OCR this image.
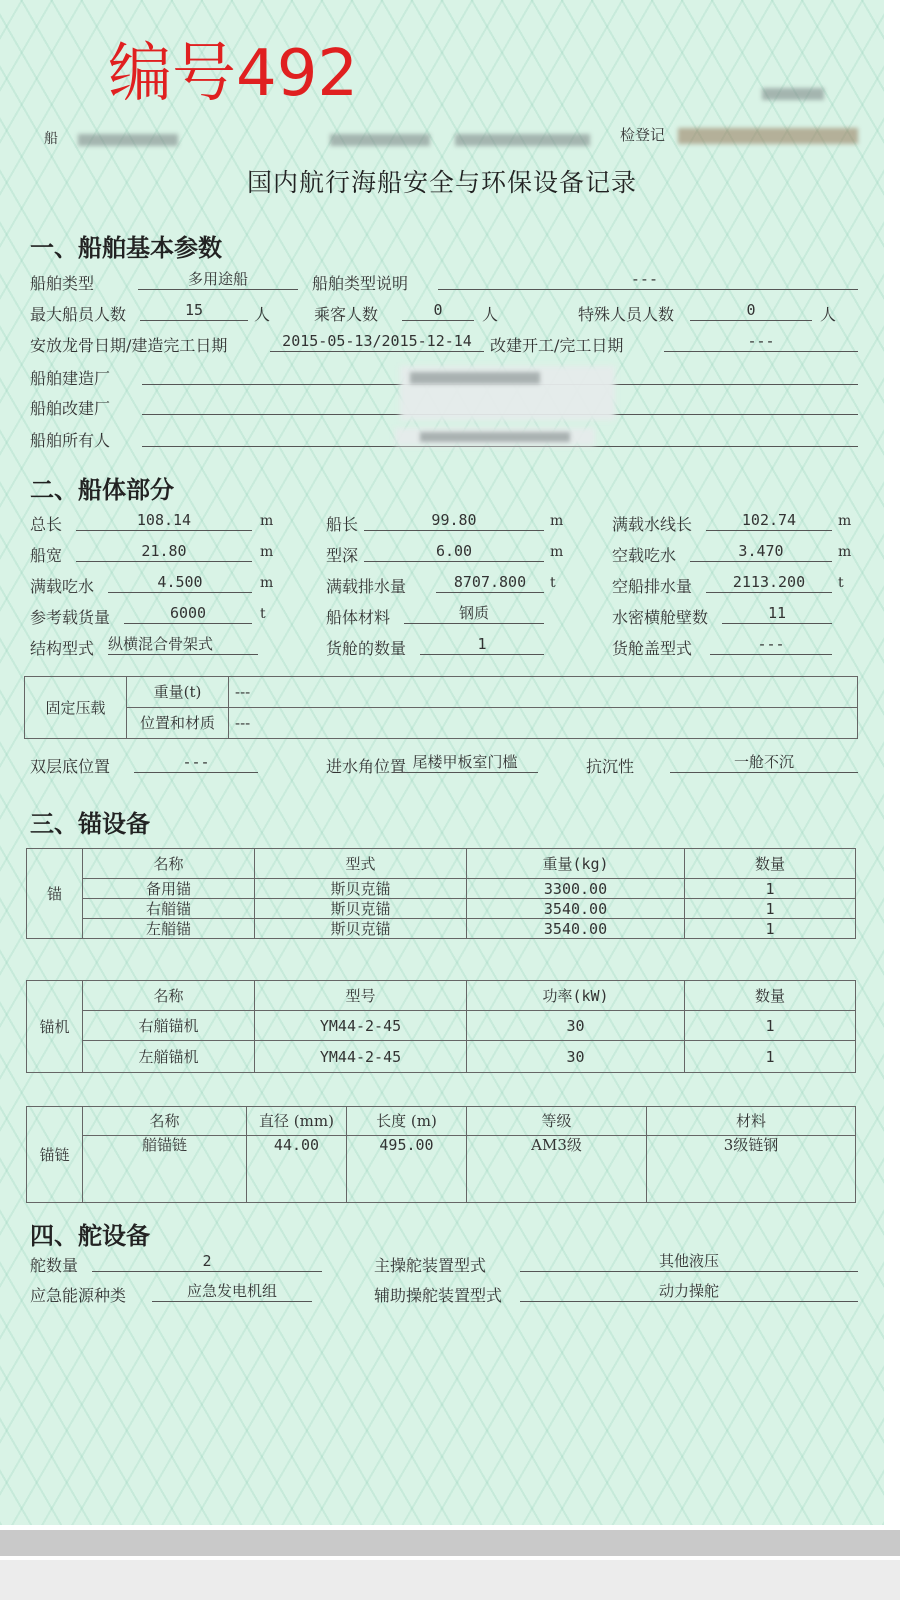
编号492
船	检登记
国内航行海船安全与环保设备记录
一、船舶基本参数
船舶类型	多用途船	船舶类型说明	---
最大船员人数	15	人	乘客人数	0	人	特殊人员人数	0	人
安放龙骨日期/建造完工日期	2015-05-13/2015-12-14	改建开工/完工日期	---
船舶建造厂
船舶改建厂
船舶所有人
二、船体部分
总长	108.14	m	船长	99.80	m	满载水线长	102.74	m
船宽	21.80	m	型深	6.00	m	空载吃水	3.470	m
满载吃水	4.500	m	满载排水量	8707.800	t	空船排水量	2113.200	t
参考载货量	6000	t	船体材料	钢质	水密横舱壁数	11
结构型式 纵横混合骨架式	货舱的数量	1	货舱盖型式	---
固定压载	重量(t)	---
	位置和材质	---
双层底位置	---	进水角位置 尾楼甲板室门槛	抗沉性	一舱不沉
三、锚设备
锚	名称	型式	重量(kg)	数量
	备用锚	斯贝克锚	3300.00	1
	右艏锚	斯贝克锚	3540.00	1
	左艏锚	斯贝克锚	3540.00	1
锚机	名称	型号	功率(kW)	数量
	右艏锚机	YM44-2-45	30	1
	左艏锚机	YM44-2-45	30	1
锚链	名称	直径 (mm)	长度 (m)	等级	材料
	艏锚链	44.00	495.00	AM3级	3级链钢
四、舵设备
舵数量	2	主操舵装置型式	其他液压
应急能源种类	应急发电机组	辅助操舵装置型式	动力操舵
